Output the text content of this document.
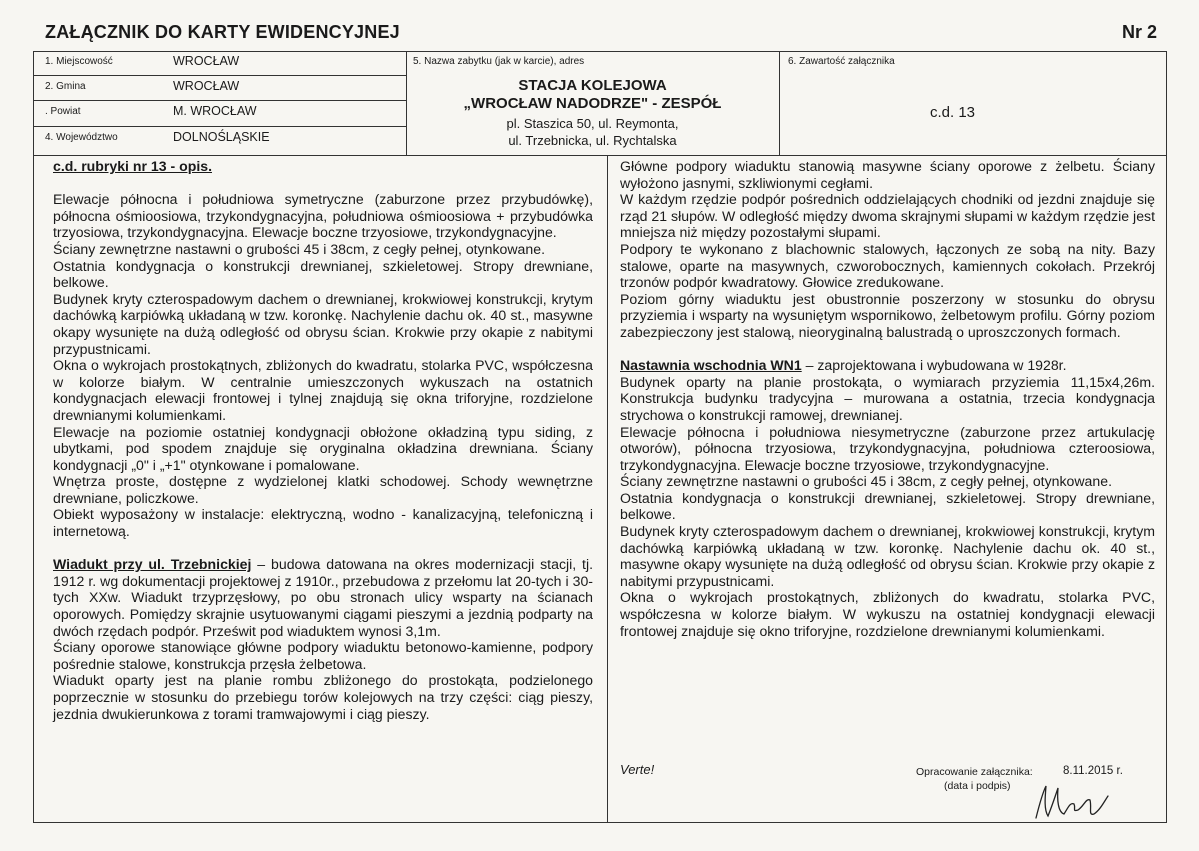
ZAŁĄCZNIK DO KARTY EWIDENCYJNEJ	Nr 2
1. Miejscowość	WROCŁAW
2. Gmina	WROCŁAW
. Powiat	M. WROCŁAW
4. Województwo	DOLNOŚLĄSKIE
5. Nazwa zabytku (jak w karcie), adres
STACJA KOLEJOWA
„WROCŁAW NADODRZE" - ZESPÓŁ
pl. Staszica 50, ul. Reymonta,
ul. Trzebnicka, ul. Rychtalska
6. Zawartość załącznika
c.d. 13

c.d. rubryki nr 13 - opis.

Elewacje północna i południowa symetryczne (zaburzone przez przybudówkę), północna ośmioosiowa, trzykondygnacyjna, południowa ośmioosiowa + przybudówka trzyosiowa, trzykondygnacyjna. Elewacje boczne trzyosiowe, trzykondygnacyjne.

Ściany zewnętrzne nastawni o grubości 45 i 38cm, z cegły pełnej, otynkowane.

Ostatnia kondygnacja o konstrukcji drewnianej, szkieletowej. Stropy drewniane, belkowe.

Budynek kryty czterospadowym dachem o drewnianej, krokwiowej konstrukcji, krytym dachówką karpiówką układaną w tzw. koronkę. Nachylenie dachu ok. 40 st., masywne okapy wysunięte na dużą odległość od obrysu ścian. Krokwie przy okapie z nabitymi przypustnicami.

Okna o wykrojach prostokątnych, zbliżonych do kwadratu, stolarka PVC, współczesna w kolorze białym. W centralnie umieszczonych wykuszach na ostatnich kondygnacjach elewacji frontowej i tylnej znajdują się okna triforyjne, rozdzielone drewnianymi kolumienkami.

Elewacje na poziomie ostatniej kondygnacji obłożone okładziną typu siding, z ubytkami, pod spodem znajduje się oryginalna okładzina drewniana. Ściany kondygnacji „0" i „+1" otynkowane i pomalowane.

Wnętrza proste, dostępne z wydzielonej klatki schodowej. Schody wewnętrzne drewniane, policzkowe.

Obiekt wyposażony w instalacje: elektryczną, wodno - kanalizacyjną, telefoniczną i internetową.

Wiadukt przy ul. Trzebnickiej – budowa datowana na okres modernizacji stacji, tj. 1912 r. wg dokumentacji projektowej z 1910r., przebudowa z przełomu lat 20-tych i 30-tych XXw. Wiadukt trzyprzęsłowy, po obu stronach ulicy wsparty na ścianach oporowych. Pomiędzy skrajnie usytuowanymi ciągami pieszymi a jezdnią podparty na dwóch rzędach podpór. Prześwit pod wiaduktem wynosi 3,1m.

Ściany oporowe stanowiące główne podpory wiaduktu betonowo-kamienne, podpory pośrednie stalowe, konstrukcja przęsła żelbetowa.

Wiadukt oparty jest na planie rombu zbliżonego do prostokąta, podzielonego poprzecznie w stosunku do przebiegu torów kolejowych na trzy części: ciąg pieszy, jezdnia dwukierunkowa z torami tramwajowymi i ciąg pieszy.

Główne podpory wiaduktu stanowią masywne ściany oporowe z żelbetu. Ściany wyłożono jasnymi, szkliwionymi cegłami.

W każdym rzędzie podpór pośrednich oddzielających chodniki od jezdni znajduje się rząd 21 słupów. W odległość między dwoma skrajnymi słupami w każdym rzędzie jest mniejsza niż między pozostałymi słupami.

Podpory te wykonano z blachownic stalowych, łączonych ze sobą na nity. Bazy stalowe, oparte na masywnych, czworobocznych, kamiennych cokołach. Przekrój trzonów podpór kwadratowy. Głowice zredukowane.

Poziom górny wiaduktu jest obustronnie poszerzony w stosunku do obrysu przyziemia i wsparty na wysuniętym wspornikowo, żelbetowym profilu. Górny poziom zabezpieczony jest stalową, nieoryginalną balustradą o uproszczonych formach.

Nastawnia wschodnia WN1 – zaprojektowana i wybudowana w 1928r.

Budynek oparty na planie prostokąta, o wymiarach przyziemia 11,15x4,26m. Konstrukcja budynku tradycyjna – murowana a ostatnia, trzecia kondygnacja strychowa o konstrukcji ramowej, drewnianej.

Elewacje północna i południowa niesymetryczne (zaburzone przez artukulację otworów), północna trzyosiowa, trzykondygnacyjna, południowa czteroosiowa, trzykondygnacyjna. Elewacje boczne trzyosiowe, trzykondygnacyjne.

Ściany zewnętrzne nastawni o grubości 45 i 38cm, z cegły pełnej, otynkowane.

Ostatnia kondygnacja o konstrukcji drewnianej, szkieletowej. Stropy drewniane, belkowe.

Budynek kryty czterospadowym dachem o drewnianej, krokwiowej konstrukcji, krytym dachówką karpiówką układaną w tzw. koronkę. Nachylenie dachu ok. 40 st., masywne okapy wysunięte na dużą odległość od obrysu ścian. Krokwie przy okapie z nabitymi przypustnicami.

Okna o wykrojach prostokątnych, zbliżonych do kwadratu, stolarka PVC, współczesna w kolorze białym. W wykuszu na ostatniej kondygnacji elewacji frontowej znajduje się okno triforyjne, rozdzielone drewnianymi kolumienkami.

Verte!	Opracowanie załącznika:	8.11.2015 r.
(data i podpis)
